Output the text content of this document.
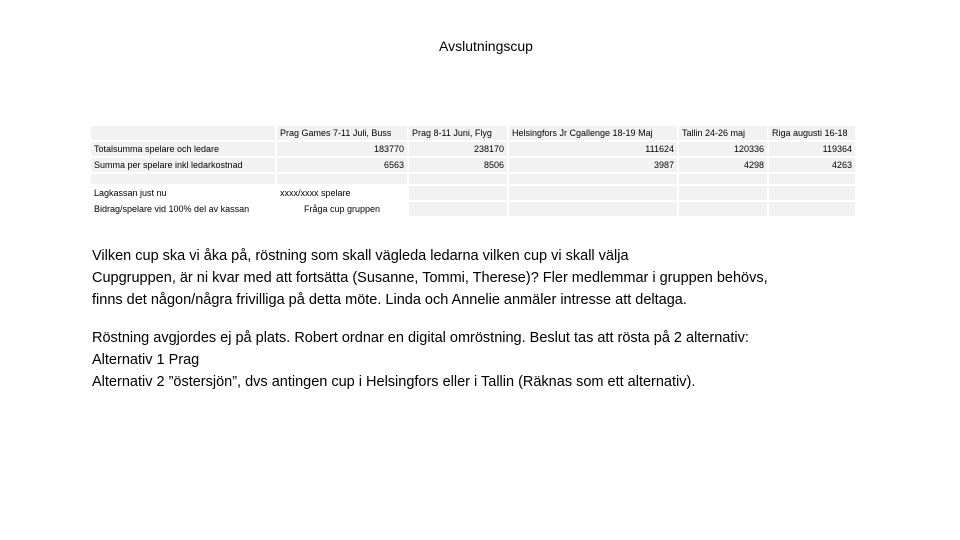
Avslutningscup
	Prag Games 7-11 Juli, Buss	Prag 8-11 Juni, Flyg	Helsingfors Jr Cgallenge 18-19 Maj	Tallin 24-26 maj	Riga augusti 16-18
Totalsumma spelare och ledare	183770	238170	111624	120336	119364
Summa per spelare inkl ledarkostnad	6563	8506	3987	4298	4263

Lagkassan just nu	xxxx/xxxx spelare				
Bidrag/spelare vid 100% del av kassan	Fråga cup gruppen				

Vilken cup ska vi åka på, röstning som skall vägleda ledarna vilken cup vi skall välja

Cupgruppen, är ni kvar med att fortsätta (Susanne, Tommi, Therese)? Fler medlemmar i gruppen behövs,

finns det någon/några frivilliga på detta möte. Linda och Annelie anmäler intresse att deltaga.

Röstning avgjordes ej på plats. Robert ordnar en digital omröstning. Beslut tas att rösta på 2 alternativ:

Alternativ 1 Prag

Alternativ 2 ”östersjön”, dvs antingen cup i Helsingfors eller i Tallin (Räknas som ett alternativ).
